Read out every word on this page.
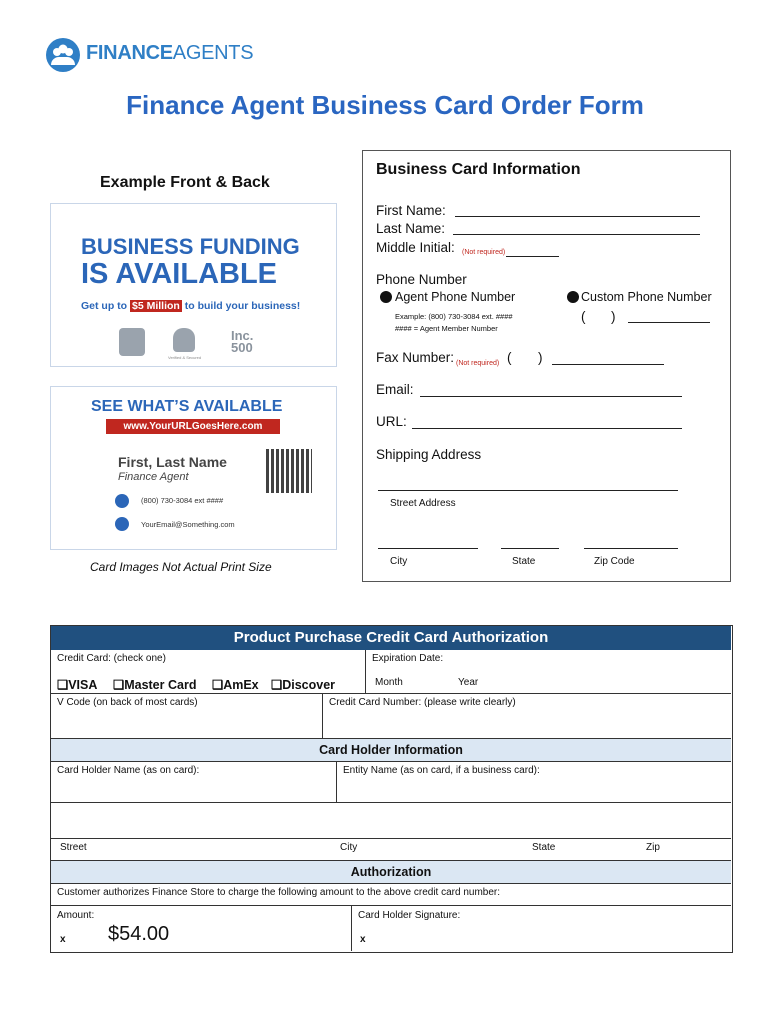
FINANCEAGENTS
Finance Agent Business Card Order Form
Example Front & Back
BUSINESS FUNDING
IS AVAILABLE
Get up to $5 Million to build your business!
Verified & Secured
Inc.
500
SEE WHAT’S AVAILABLE
www.YourURLGoesHere.com
First, Last Name
Finance Agent
(800) 730-3084 ext ####
YourEmail@Something.com
Card Images Not Actual Print Size
Business Card Information
First Name:
Last Name:
Middle Initial: (Not required)
Phone Number
Agent Phone Number	Custom Phone Number
Example: (800) 730-3084 ext. ####
#### = Agent Member Number
( )
Fax Number: (Not required) ( )
Email:
URL:
Shipping Address
Street Address
City	State	Zip Code
Product Purchase Credit Card Authorization
Credit Card: (check one)	Expiration Date:
❑VISA ❑Master Card ❑AmEx ❑Discover	Month	Year
V Code (on back of most cards)	Credit Card Number: (please write clearly)
Card Holder Information
Card Holder Name (as on card):	Entity Name (as on card, if a business card):
Street	City	State	Zip
Authorization
Customer authorizes Finance Store to charge the following amount to the above credit card number:
Amount:
x $54.00
Card Holder Signature:
x
